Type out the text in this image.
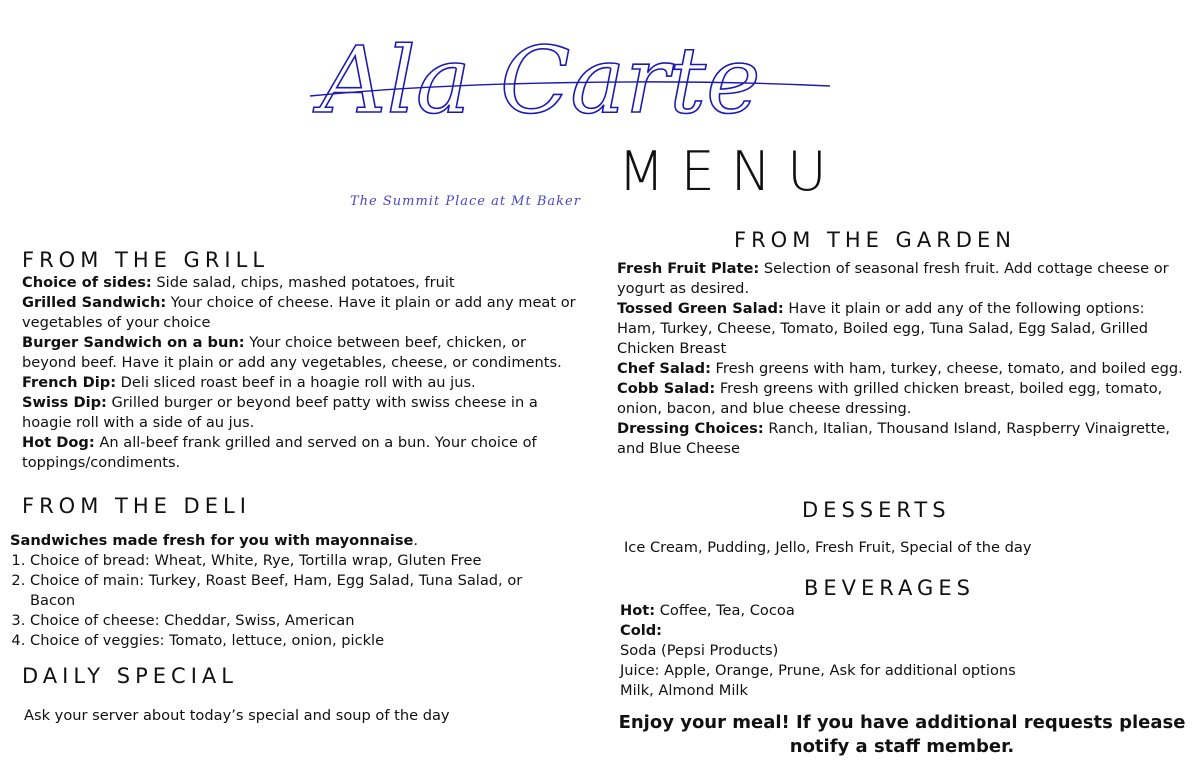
Ala Carte
MENU
The Summit Place at Mt Baker
FROM THE GRILL

Choice of sides: Side salad, chips, mashed potatoes, fruit

Grilled Sandwich: Your choice of cheese. Have it plain or add any meat or vegetables of your choice

Burger Sandwich on a bun: Your choice between beef, chicken, or beyond beef. Have it plain or add any vegetables, cheese, or condiments.

French Dip: Deli sliced roast beef in a hoagie roll with au jus.

Swiss Dip: Grilled burger or beyond beef patty with swiss cheese in a hoagie roll with a side of au jus.

Hot Dog: An all-beef frank grilled and served on a bun. Your choice of toppings/condiments.

FROM THE DELI

Sandwiches made fresh for you with mayonnaise.

1. Choice of bread: Wheat, White, Rye, Tortilla wrap, Gluten Free
2. Choice of main: Turkey, Roast Beef, Ham, Egg Salad, Tuna Salad, or Bacon
3. Choice of cheese: Cheddar, Swiss, American
4. Choice of veggies: Tomato, lettuce, onion, pickle
DAILY SPECIAL
Ask your server about today’s special and soup of the day
FROM THE GARDEN

Fresh Fruit Plate: Selection of seasonal fresh fruit. Add cottage cheese or yogurt as desired.

Tossed Green Salad: Have it plain or add any of the following options: Ham, Turkey, Cheese, Tomato, Boiled egg, Tuna Salad, Egg Salad, Grilled Chicken Breast

Chef Salad: Fresh greens with ham, turkey, cheese, tomato, and boiled egg.

Cobb Salad: Fresh greens with grilled chicken breast, boiled egg, tomato, onion, bacon, and blue cheese dressing.

Dressing Choices: Ranch, Italian, Thousand Island, Raspberry Vinaigrette, and Blue Cheese

DESSERTS
Ice Cream, Pudding, Jello, Fresh Fruit, Special of the day
BEVERAGES

Hot: Coffee, Tea, Cocoa

Cold:

Soda (Pepsi Products)

Juice: Apple, Orange, Prune, Ask for additional options

Milk, Almond Milk

Enjoy your meal! If you have additional requests please notify a staff member.
